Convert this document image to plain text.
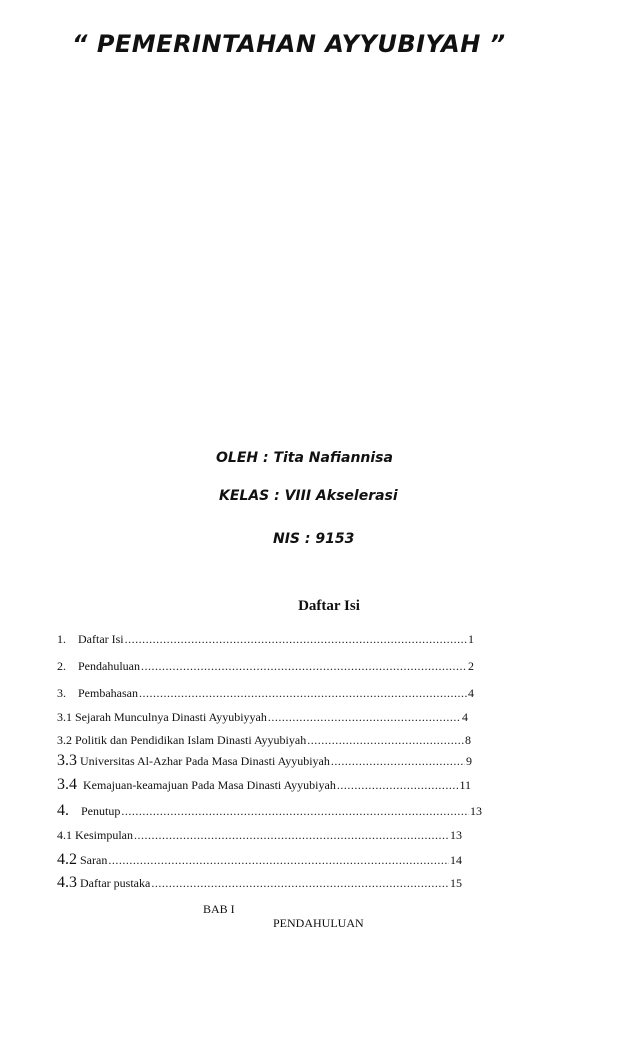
“ PEMERINTAHAN AYYUBIYAH ”
OLEH : Tita Nafiannisa
KELAS : VIII Akselerasi
NIS : 9153
Daftar Isi
1. Daftar Isi .....	1
2. Pendahuluan .....	2
3. Pembahasan .....	4
3.1 Sejarah Munculnya Dinasti Ayyubiyyah .....	4
3.2 Politik dan Pendidikan Islam Dinasti Ayyubiyah .....	8
3.3 Universitas Al-Azhar Pada Masa Dinasti Ayyubiyah .....	9
3.4 Kemajuan-keamajuan Pada Masa Dinasti Ayyubiyah .....	11
4. Penutup .....	13
4.1 Kesimpulan .....	13
4.2 Saran .....	14
4.3 Daftar pustaka .....	15
BAB I
PENDAHULUAN
